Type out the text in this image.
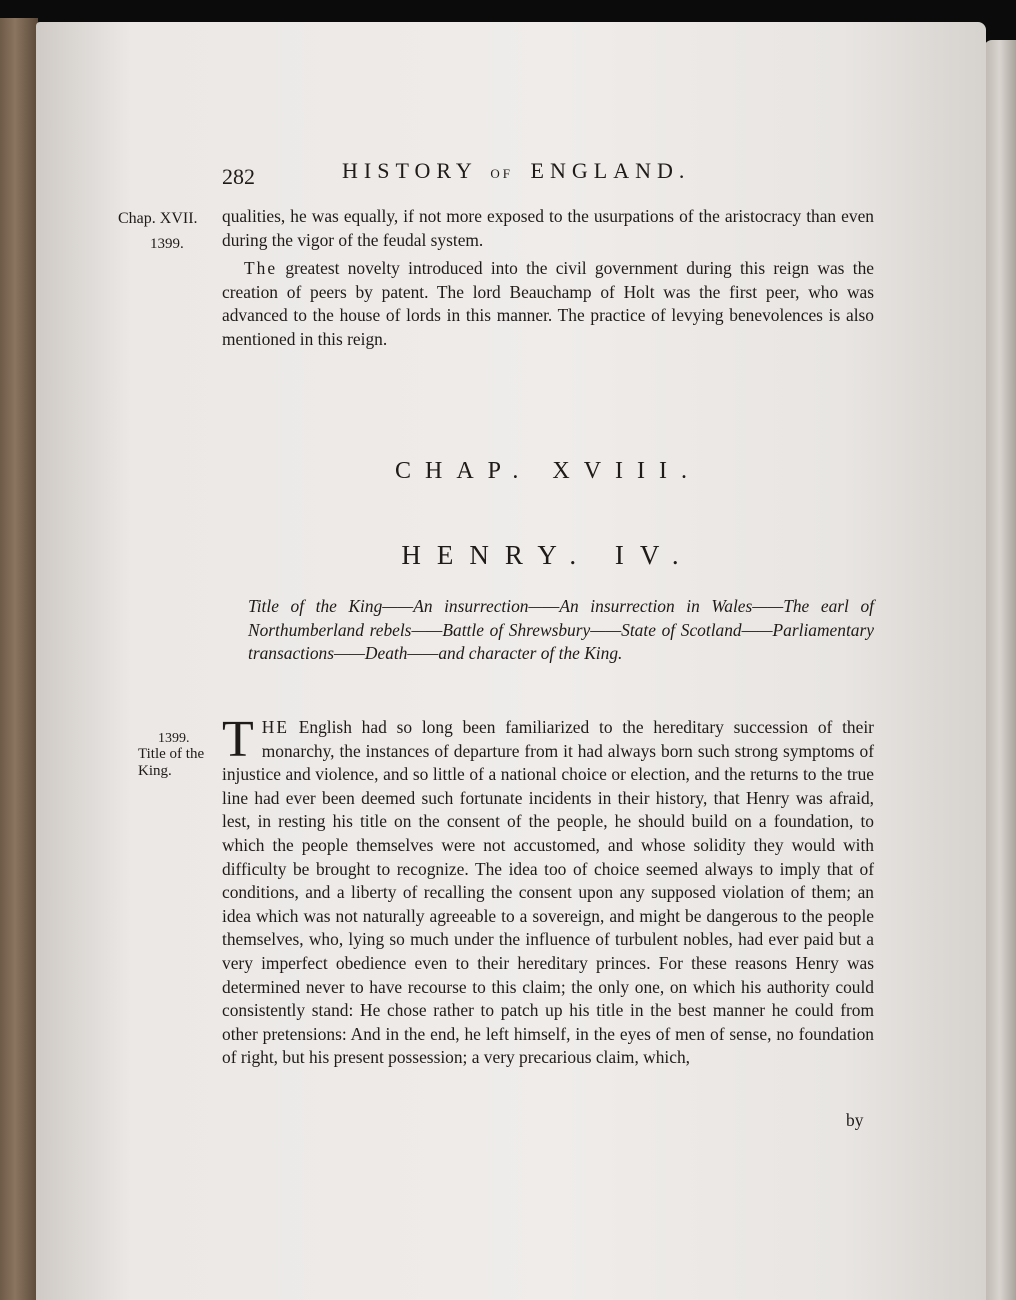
282	HISTORY OF ENGLAND.
Chap. XVII.
1399.
qualities, he was equally, if not more exposed to the usurpations of the aristocracy than even during the vigor of the feudal system.
The greatest novelty introduced into the civil government during this reign was the creation of peers by patent. The lord Beauchamp of Holt was the first peer, who was advanced to the house of lords in this manner. The practice of levying benevolences is also mentioned in this reign.
CHAP. XVIII.
HENRY. IV.
Title of the King——An insurrection——An insurrection in Wales——The earl of Northumberland rebels——Battle of Shrewsbury——State of Scotland——Parliamentary transactions——Death——and character of the King.
1399.
Title of the
King.
THE English had so long been familiarized to the hereditary succession of their monarchy, the instances of departure from it had always born such strong symptoms of injustice and violence, and so little of a national choice or election, and the returns to the true line had ever been deemed such fortunate incidents in their history, that Henry was afraid, lest, in resting his title on the consent of the people, he should build on a foundation, to which the people themselves were not accustomed, and whose solidity they would with difficulty be brought to recognize. The idea too of choice seemed always to imply that of conditions, and a liberty of recalling the consent upon any supposed violation of them; an idea which was not naturally agreeable to a sovereign, and might be dangerous to the people themselves, who, lying so much under the influence of turbulent nobles, had ever paid but a very imperfect obedience even to their hereditary princes. For these reasons Henry was determined never to have recourse to this claim; the only one, on which his authority could consistently stand: He chose rather to patch up his title in the best manner he could from other pretensions: And in the end, he left himself, in the eyes of men of sense, no foundation of right, but his present possession; a very precarious claim, which,
by
